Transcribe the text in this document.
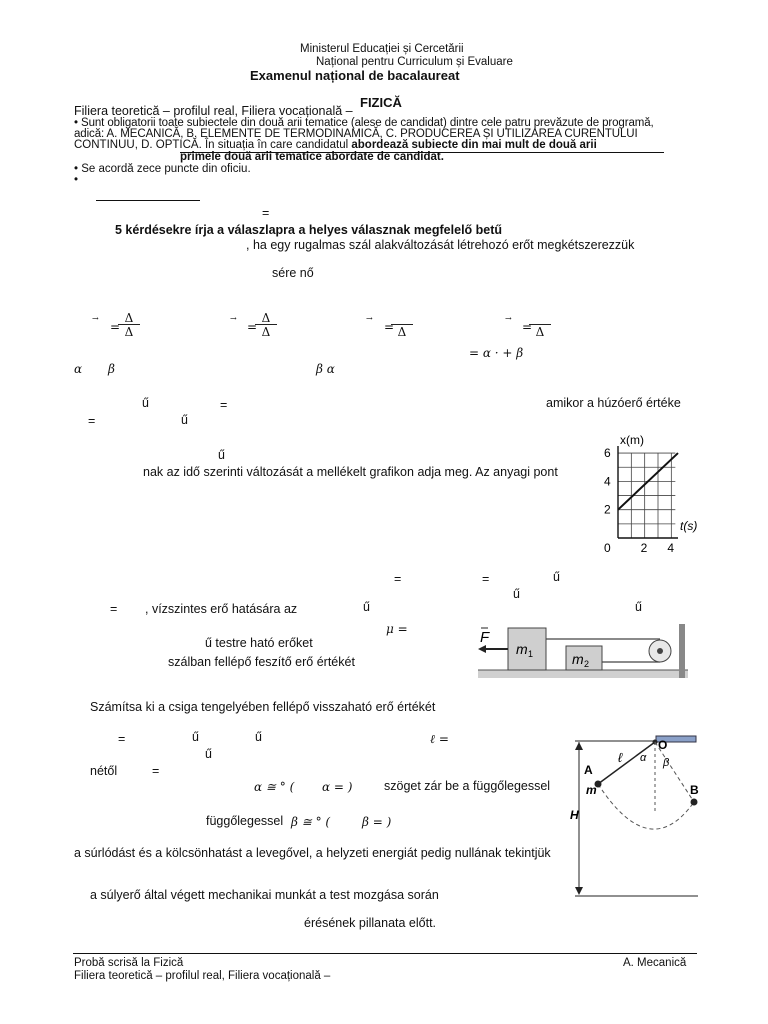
Ministerul Educației și Cercetării
Național pentru Curriculum și Evaluare
Examenul național de bacalaureat
FIZICĂ
Filiera teoretică – profilul real, Filiera vocațională –
• Sunt obligatorii toate subiectele din două arii tematice (alese de candidat) dintre cele patru prevăzute de programă,
adică: A. MECANICĂ, B. ELEMENTE DE TERMODINAMICĂ, C. PRODUCEREA ȘI UTILIZAREA CURENTULUI
CONTINUU, D. OPTICĂ. În situația în care candidatul abordează subiecte din mai mult de două arii
primele două arii tematice abordate de candidat.
• Se acordă zece puncte din oficiu.
•
=
5 kérdésekre írja a válaszlapra a helyes válasznak megfelelő betű
, ha egy rugalmas szál alakváltozását létrehozó erőt megkétszerezzük
sére nő
→
=
$\frac{\Delta}{\Delta}$	→
=
$\frac{\Delta}{\Delta}$	→
= Δ
→
= Δ
= α · + β
α β	β α
ű	=	amikor a húzóerő értéke
=	ű
ű
nak az idő szerinti változását a mellékelt grafikon adja meg. Az anyagi pont
x(m)
t(s)
2
4
6
0 2 4
=	=	ű
ű
= , vízszintes erő hatására az	ű	ű
μ =
ű testre ható erőket
szálban fellépő feszítő erő értékét
F
m 1	m 2
Számítsa ki a csiga tengelyében fellépő visszaható erő értékét
=	ű	ű	ℓ =
ű
nétől	=
α ≅ ° ( α = )	szöget zár be a függőlegessel
függőlegessel β ≅ ° (	β = )
a súrlódást és a kölcsönhatást a levegővel, a helyzeti energiát pedig nullának tekintjük
a súlyerő által végett mechanikai munkát a test mozgása során
érésének pillanata előtt.
H
O
A
m	B
ℓ α β
Probă scrisă la Fizică	A. Mecanică
Filiera teoretică – profilul real, Filiera vocațională –
